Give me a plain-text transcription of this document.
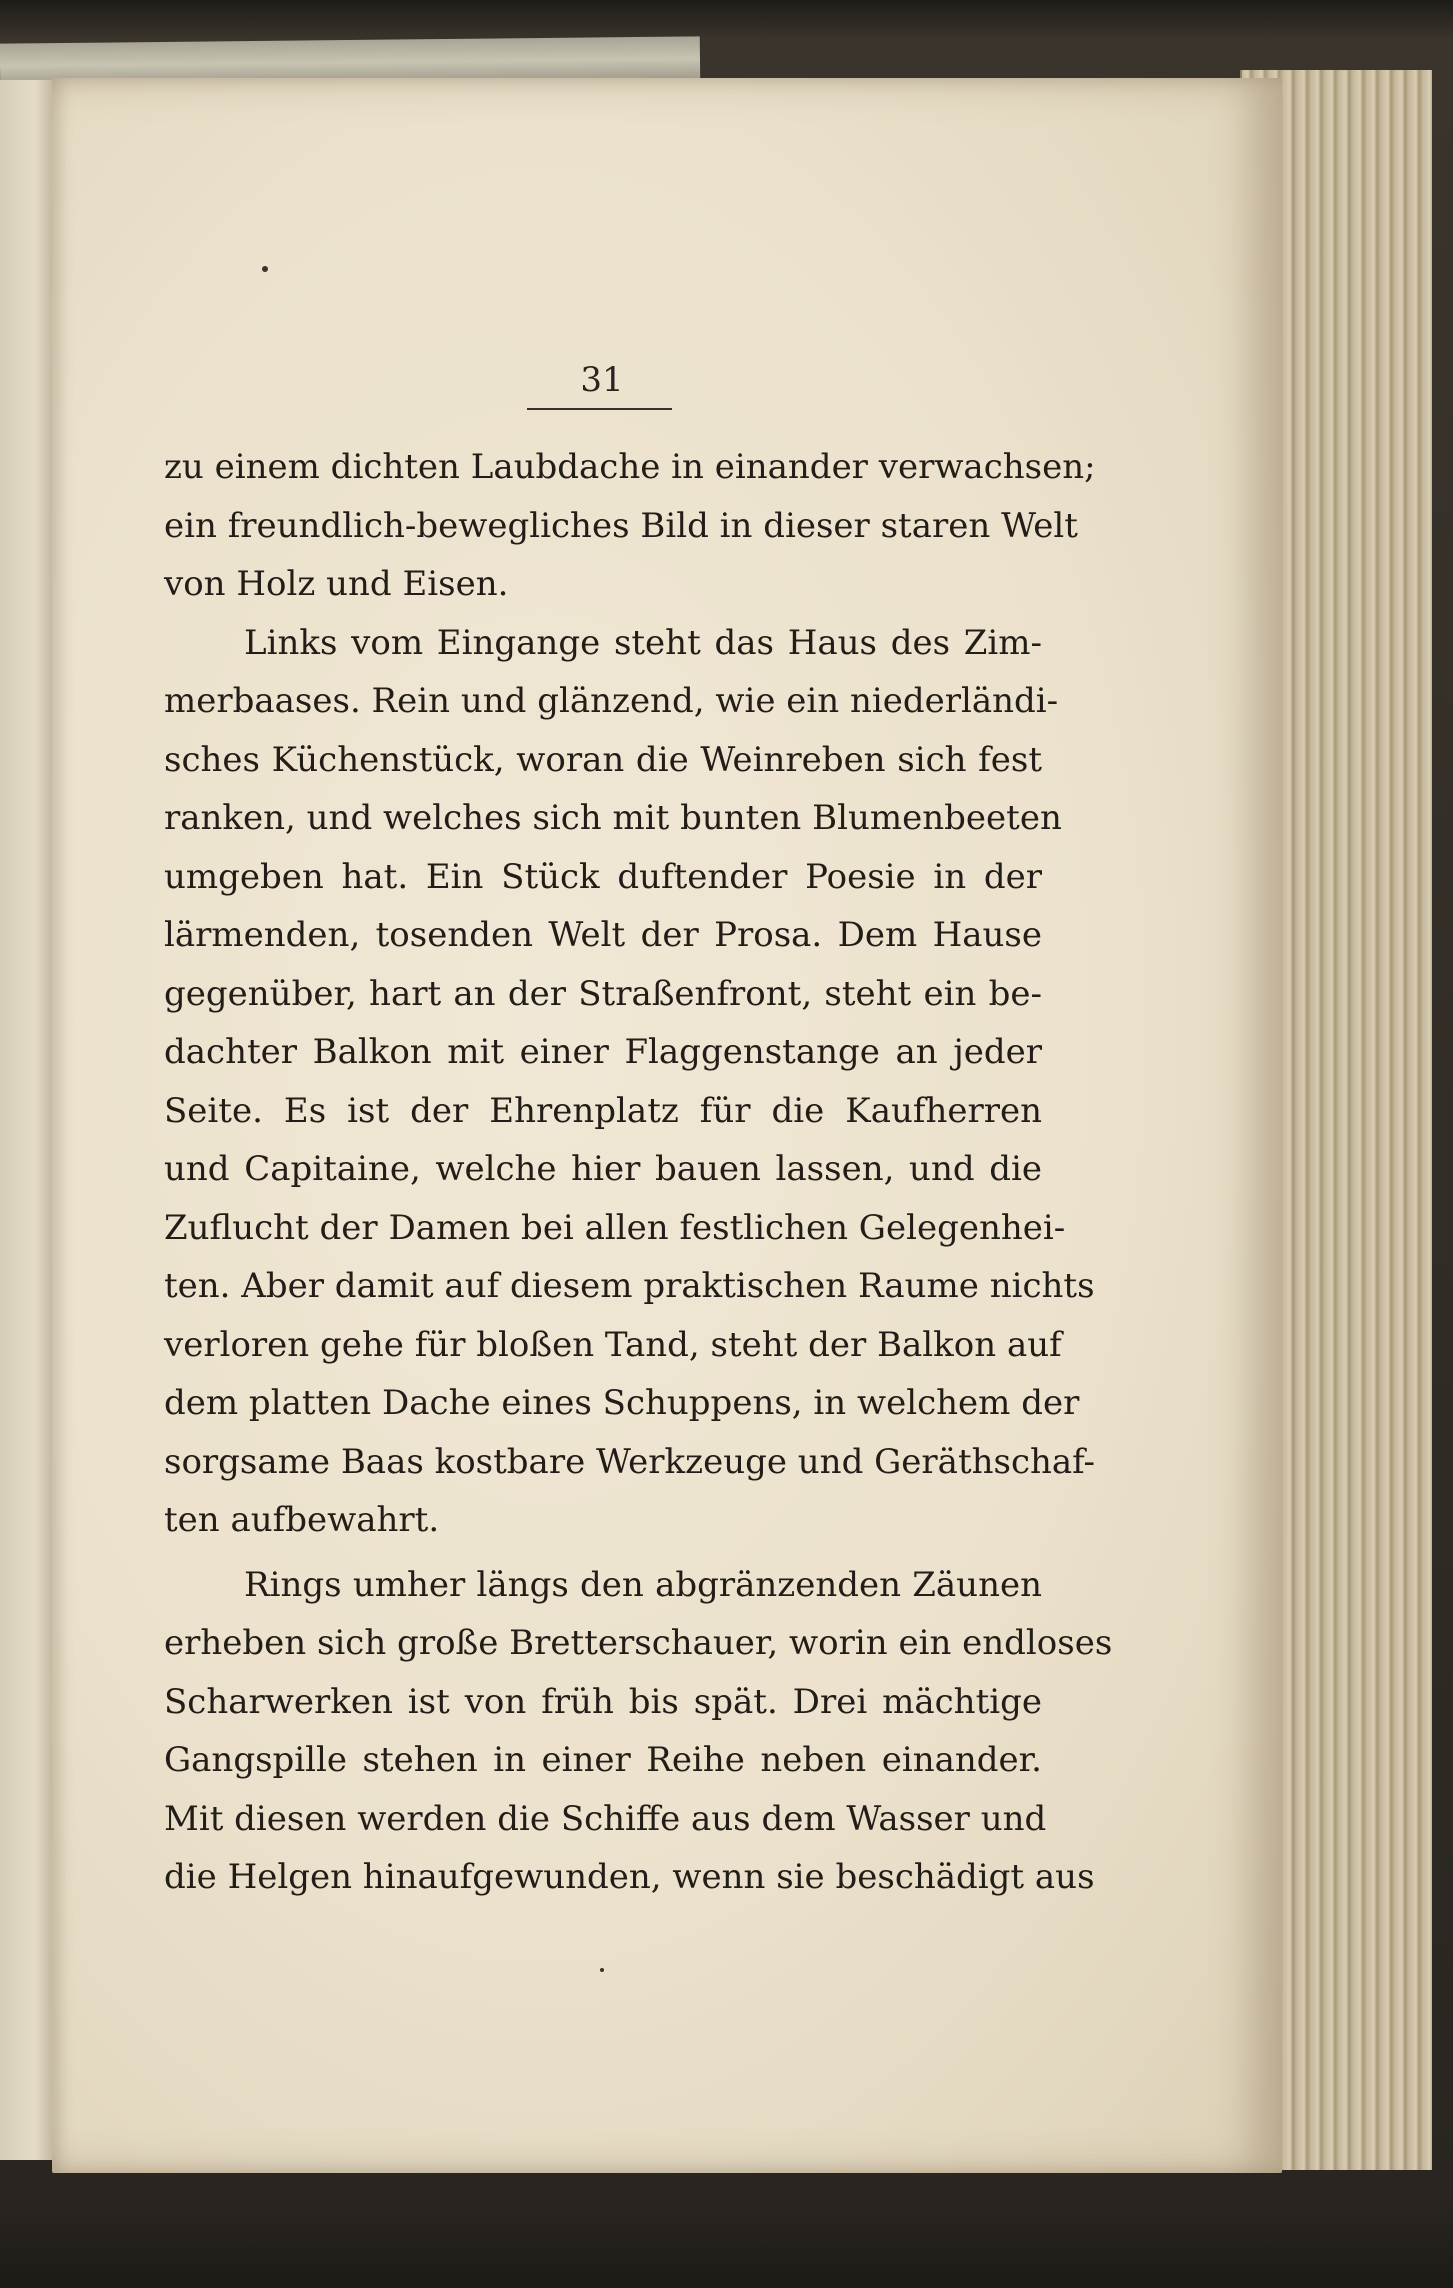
31
zu einem dichten Laubdache in einander verwachsen;
ein freundlich-bewegliches Bild in dieser staren Welt
von Holz und Eisen.
Links vom Eingange steht das Haus des Zim-
merbaases. Rein und glänzend, wie ein niederländi-
sches Küchenstück, woran die Weinreben sich fest
ranken, und welches sich mit bunten Blumenbeeten
umgeben hat. Ein Stück duftender Poesie in der
lärmenden, tosenden Welt der Prosa. Dem Hause
gegenüber, hart an der Straßenfront, steht ein be-
dachter Balkon mit einer Flaggenstange an jeder
Seite. Es ist der Ehrenplatz für die Kaufherren
und Capitaine, welche hier bauen lassen, und die
Zuflucht der Damen bei allen festlichen Gelegenhei-
ten. Aber damit auf diesem praktischen Raume nichts
verloren gehe für bloßen Tand, steht der Balkon auf
dem platten Dache eines Schuppens, in welchem der
sorgsame Baas kostbare Werkzeuge und Geräthschaf-
ten aufbewahrt.
Rings umher längs den abgränzenden Zäunen
erheben sich große Bretterschauer, worin ein endloses
Scharwerken ist von früh bis spät. Drei mächtige
Gangspille stehen in einer Reihe neben einander.
Mit diesen werden die Schiffe aus dem Wasser und
die Helgen hinaufgewunden, wenn sie beschädigt aus
